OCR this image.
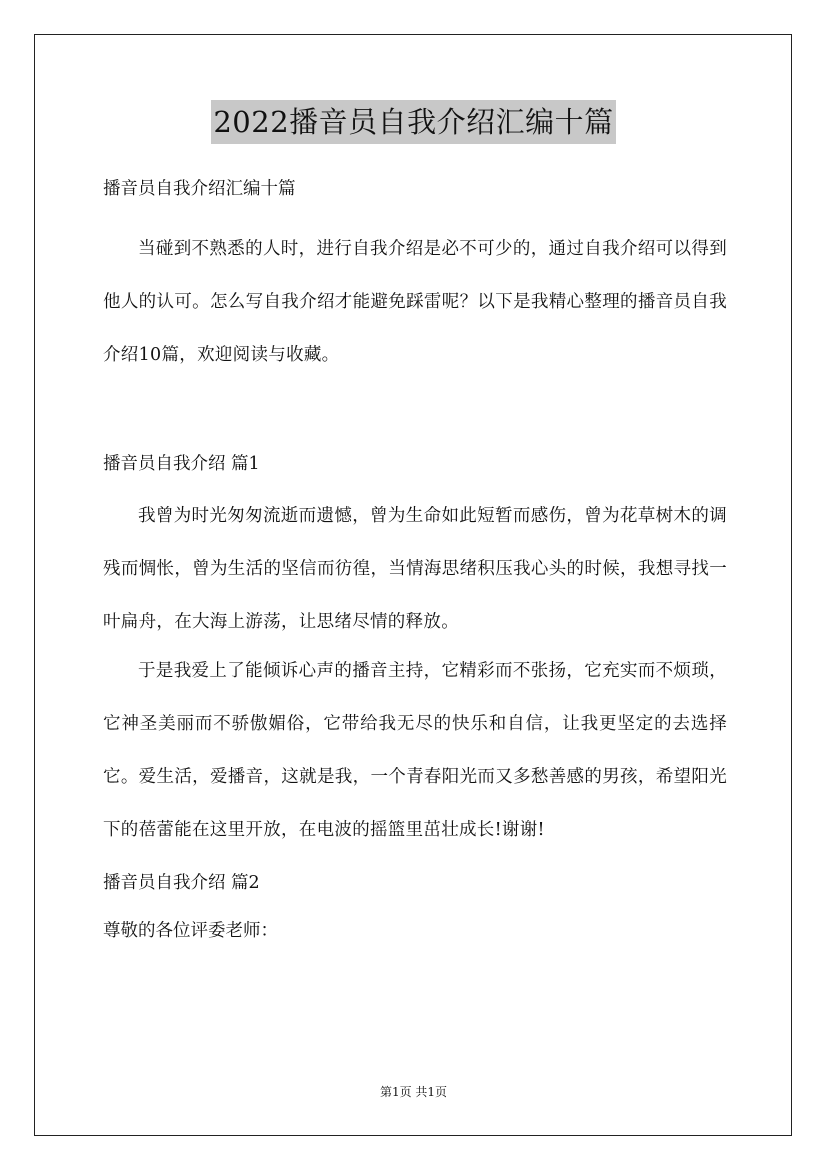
2022播音员自我介绍汇编十篇

播音员自我介绍汇编十篇

当碰到不熟悉的人时，进行自我介绍是必不可少的，通过自我介绍可以得到他人的认可。怎么写自我介绍才能避免踩雷呢？以下是我精心整理的播音员自我介绍10篇，欢迎阅读与收藏。

播音员自我介绍 篇1

我曾为时光匆匆流逝而遗憾，曾为生命如此短暂而感伤，曾为花草树木的调残而惆怅，曾为生活的坚信而彷徨，当情海思绪积压我心头的时候，我想寻找一叶扁舟，在大海上游荡，让思绪尽情的释放。

于是我爱上了能倾诉心声的播音主持，它精彩而不张扬，它充实而不烦琐，它神圣美丽而不骄傲媚俗，它带给我无尽的快乐和自信，让我更坚定的去选择它。爱生活，爱播音，这就是我，一个青春阳光而又多愁善感的男孩，希望阳光下的蓓蕾能在这里开放，在电波的摇篮里茁壮成长!谢谢!

播音员自我介绍 篇2

尊敬的各位评委老师：

第1页 共1页
